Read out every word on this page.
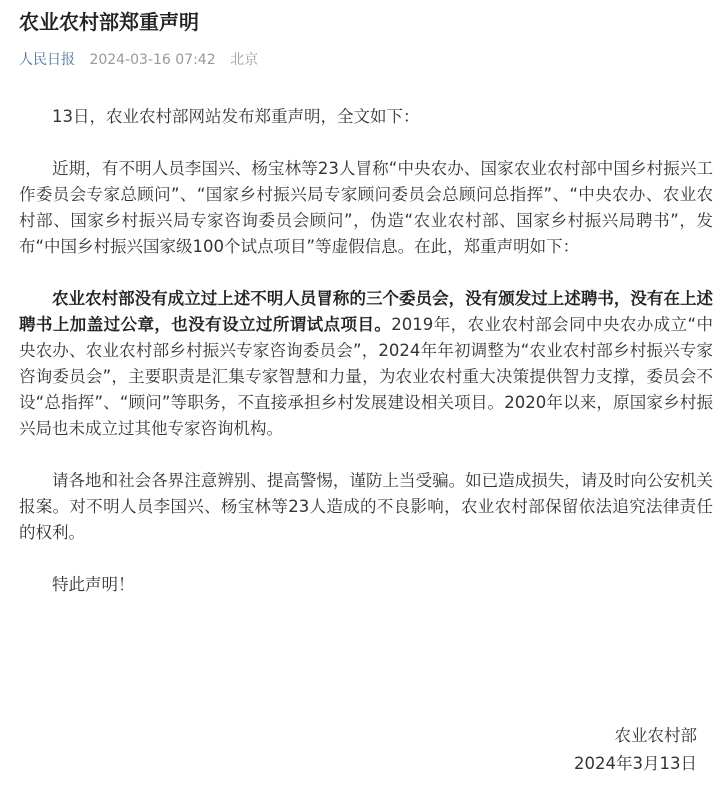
农业农村部郑重声明
人民日报 2024-03-16 07:42 北京

13日，农业农村部网站发布郑重声明，全文如下：

近期，有不明人员李国兴、杨宝林等23人冒称“中央农办、国家农业农村部中国乡村振兴工作委员会专家总顾问”、“国家乡村振兴局专家顾问委员会总顾问总指挥”、“中央农办、农业农村部、国家乡村振兴局专家咨询委员会顾问”，伪造“农业农村部、国家乡村振兴局聘书”，发布“中国乡村振兴国家级100个试点项目”等虚假信息。在此，郑重声明如下：

农业农村部没有成立过上述不明人员冒称的三个委员会，没有颁发过上述聘书，没有在上述聘书上加盖过公章，也没有设立过所谓试点项目。2019年，农业农村部会同中央农办成立“中央农办、农业农村部乡村振兴专家咨询委员会”，2024年年初调整为“农业农村部乡村振兴专家咨询委员会”，主要职责是汇集专家智慧和力量，为农业农村重大决策提供智力支撑，委员会不设“总指挥”、“顾问”等职务，不直接承担乡村发展建设相关项目。2020年以来，原国家乡村振兴局也未成立过其他专家咨询机构。

请各地和社会各界注意辨别、提高警惕，谨防上当受骗。如已造成损失，请及时向公安机关报案。对不明人员李国兴、杨宝林等23人造成的不良影响，农业农村部保留依法追究法律责任的权利。

特此声明！

农业农村部
2024年3月13日
